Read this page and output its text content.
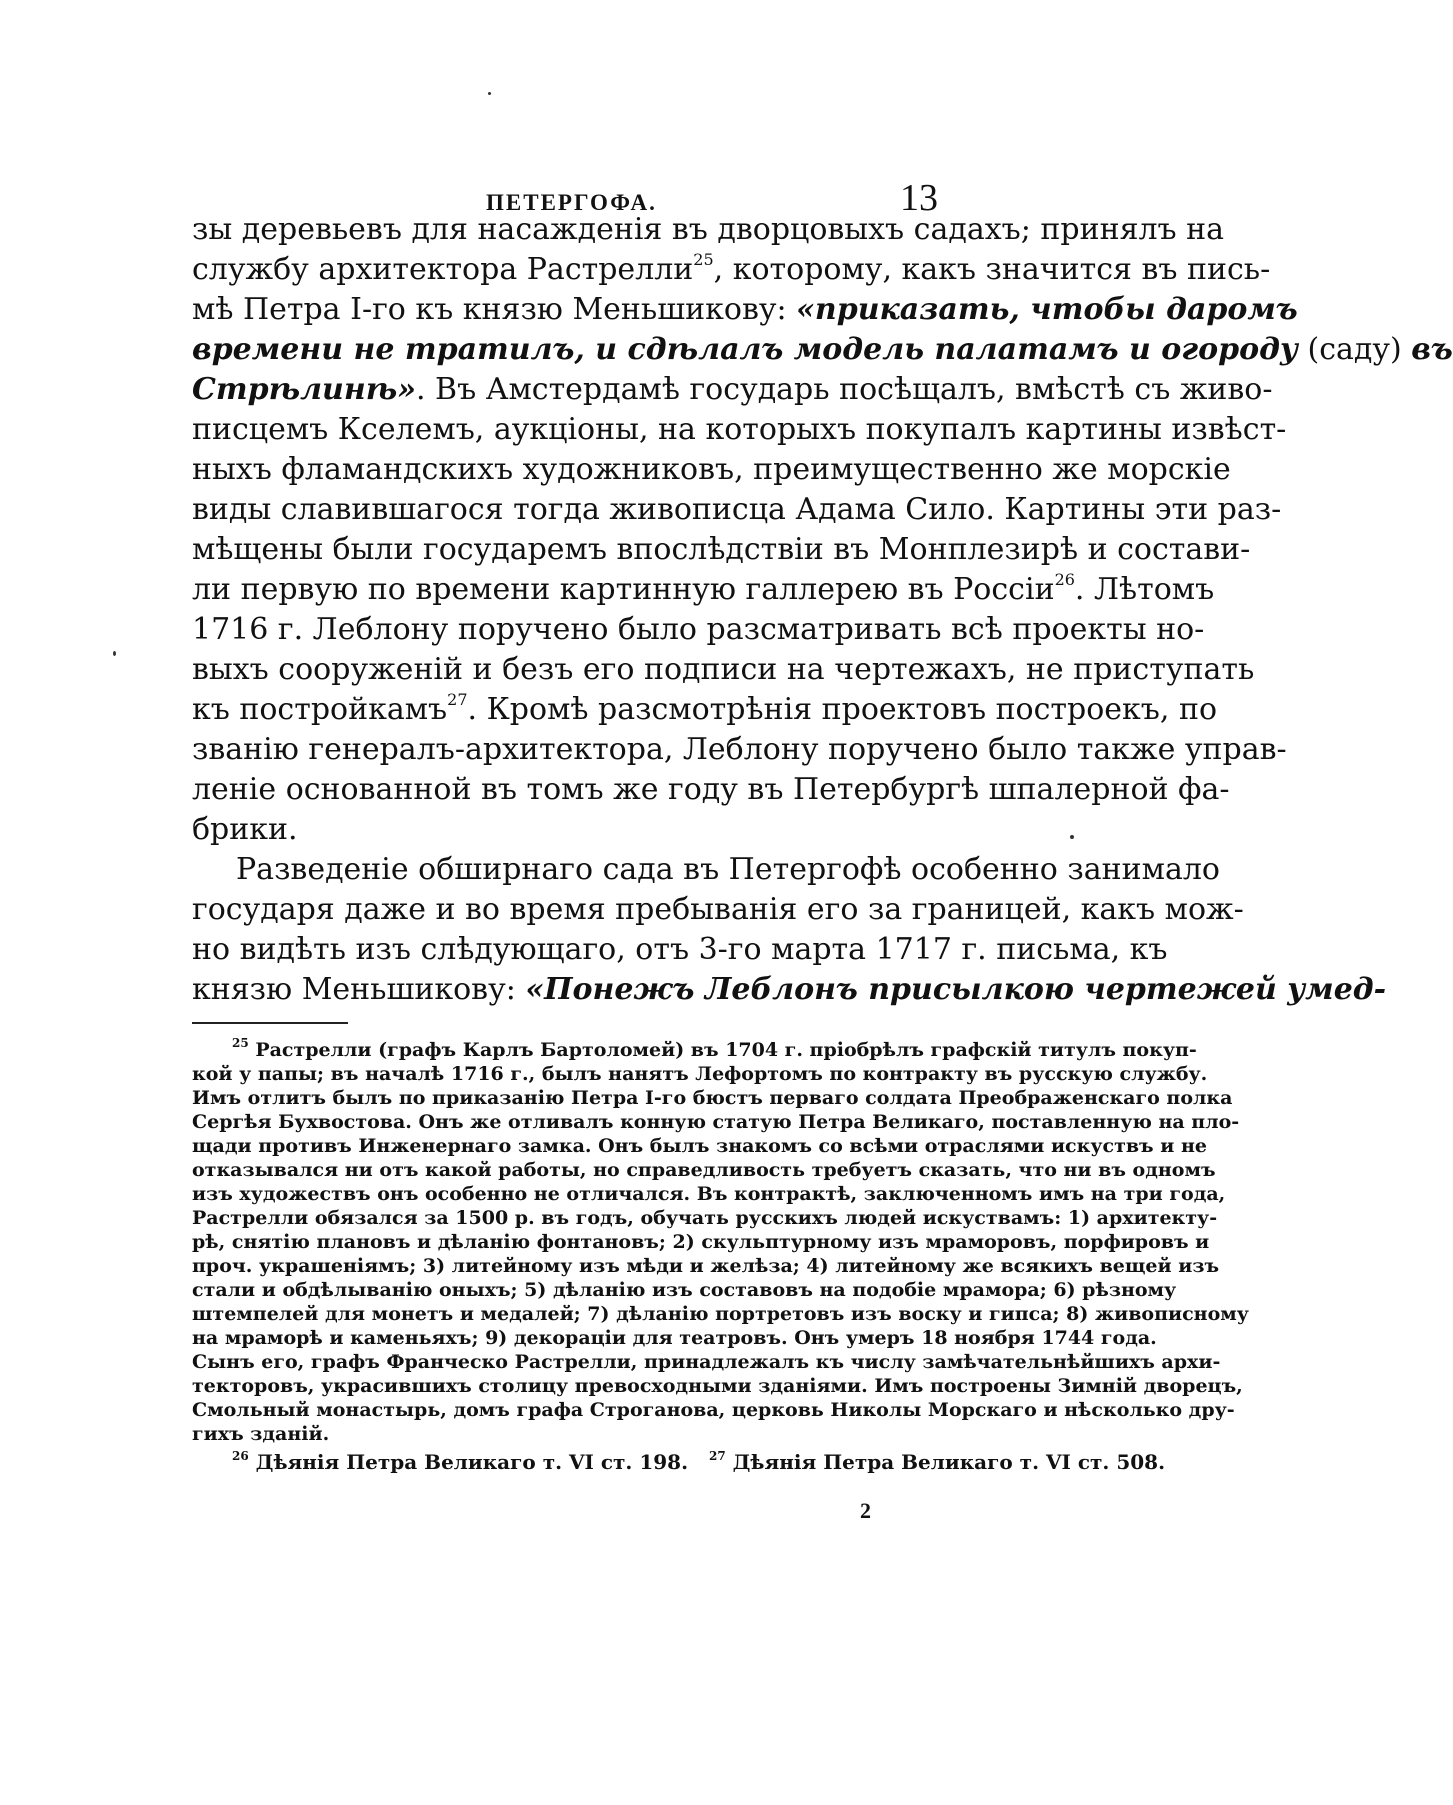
ПЕТЕРГОФА.	13
зы деревьевъ для насажденія въ дворцовыхъ садахъ; принялъ на
службу архитектора Растрелли$^{25}$, которому, какъ значится въ пись-
мѣ Петра I-го къ князю Меньшикову: «приказать, чтобы даромъ
времени не тратилъ, и сдѣлалъ модель палатамъ и огороду (саду) въ
Стрѣлинѣ». Въ Амстердамѣ государь посѣщалъ, вмѣстѣ съ живо-
писцемъ Кселемъ, аукціоны, на которыхъ покупалъ картины извѣст-
ныхъ фламандскихъ художниковъ, преимущественно же морскіе
виды славившагося тогда живописца Адама Сило. Картины эти раз-
мѣщены были государемъ впослѣдствіи въ Монплезирѣ и состави-
ли первую по времени картинную галлерею въ Россіи$^{26}$. Лѣтомъ
1716 г. Леблону поручено было разсматривать всѣ проекты но-
выхъ сооруженій и безъ его подписи на чертежахъ, не приступать
къ постройкамъ$^{27}$. Кромѣ разсмотрѣнія проектовъ построекъ, по
званію генералъ-архитектора, Леблону поручено было также управ-
леніе основанной въ томъ же году въ Петербургѣ шпалерной фа-
брики.
Разведеніе обширнаго сада въ Петергофѣ особенно занимало
государя даже и во время пребыванія его за границей, какъ мож-
но видѣть изъ слѣдующаго, отъ 3-го марта 1717 г. письма, къ
князю Меньшикову: «Понежъ Леблонъ присылкою чертежей умед-
$^{25}$ Растрелли (графъ Карлъ Бартоломей) въ 1704 г. пріобрѣлъ графскій титулъ покуп-
кой у папы; въ началѣ 1716 г., былъ нанятъ Лефортомъ по контракту въ русскую службу.
Имъ отлитъ былъ по приказанію Петра I-го бюстъ перваго солдата Преображенскаго полка
Сергѣя Бухвостова. Онъ же отливалъ конную статую Петра Великаго, поставленную на пло-
щади противъ Инженернаго замка. Онъ былъ знакомъ со всѣми отраслями искуствъ и не
отказывался ни отъ какой работы, но справедливость требуетъ сказать, что ни въ одномъ
изъ художествъ онъ особенно не отличался. Въ контрактѣ, заключенномъ имъ на три года,
Растрелли обязался за 1500 р. въ годъ, обучать русскихъ людей искуствамъ: 1) архитекту-
рѣ, снятію плановъ и дѣланію фонтановъ; 2) скульптурному изъ мраморовъ, порфировъ и
проч. украшеніямъ; 3) литейному изъ мѣди и желѣза; 4) литейному же всякихъ вещей изъ
стали и обдѣлыванію оныхъ; 5) дѣланію изъ составовъ на подобіе мрамора; 6) рѣзному
штемпелей для монетъ и медалей; 7) дѣланію портретовъ изъ воску и гипса; 8) живописному
на мраморѣ и каменьяхъ; 9) декораціи для театровъ. Онъ умеръ 18 ноября 1744 года.
Сынъ его, графъ Франческо Растрелли, принадлежалъ къ числу замѣчательнѣйшихъ архи-
текторовъ, украсившихъ столицу превосходными зданіями. Имъ построены Зимній дворецъ,
Смольный монастырь, домъ графа Строганова, церковь Николы Морскаго и нѣсколько дру-
гихъ зданій.
$^{26}$ Дѣянія Петра Великаго т. VI ст. 198. $^{27}$ Дѣянія Петра Великаго т. VI ст. 508.
2
